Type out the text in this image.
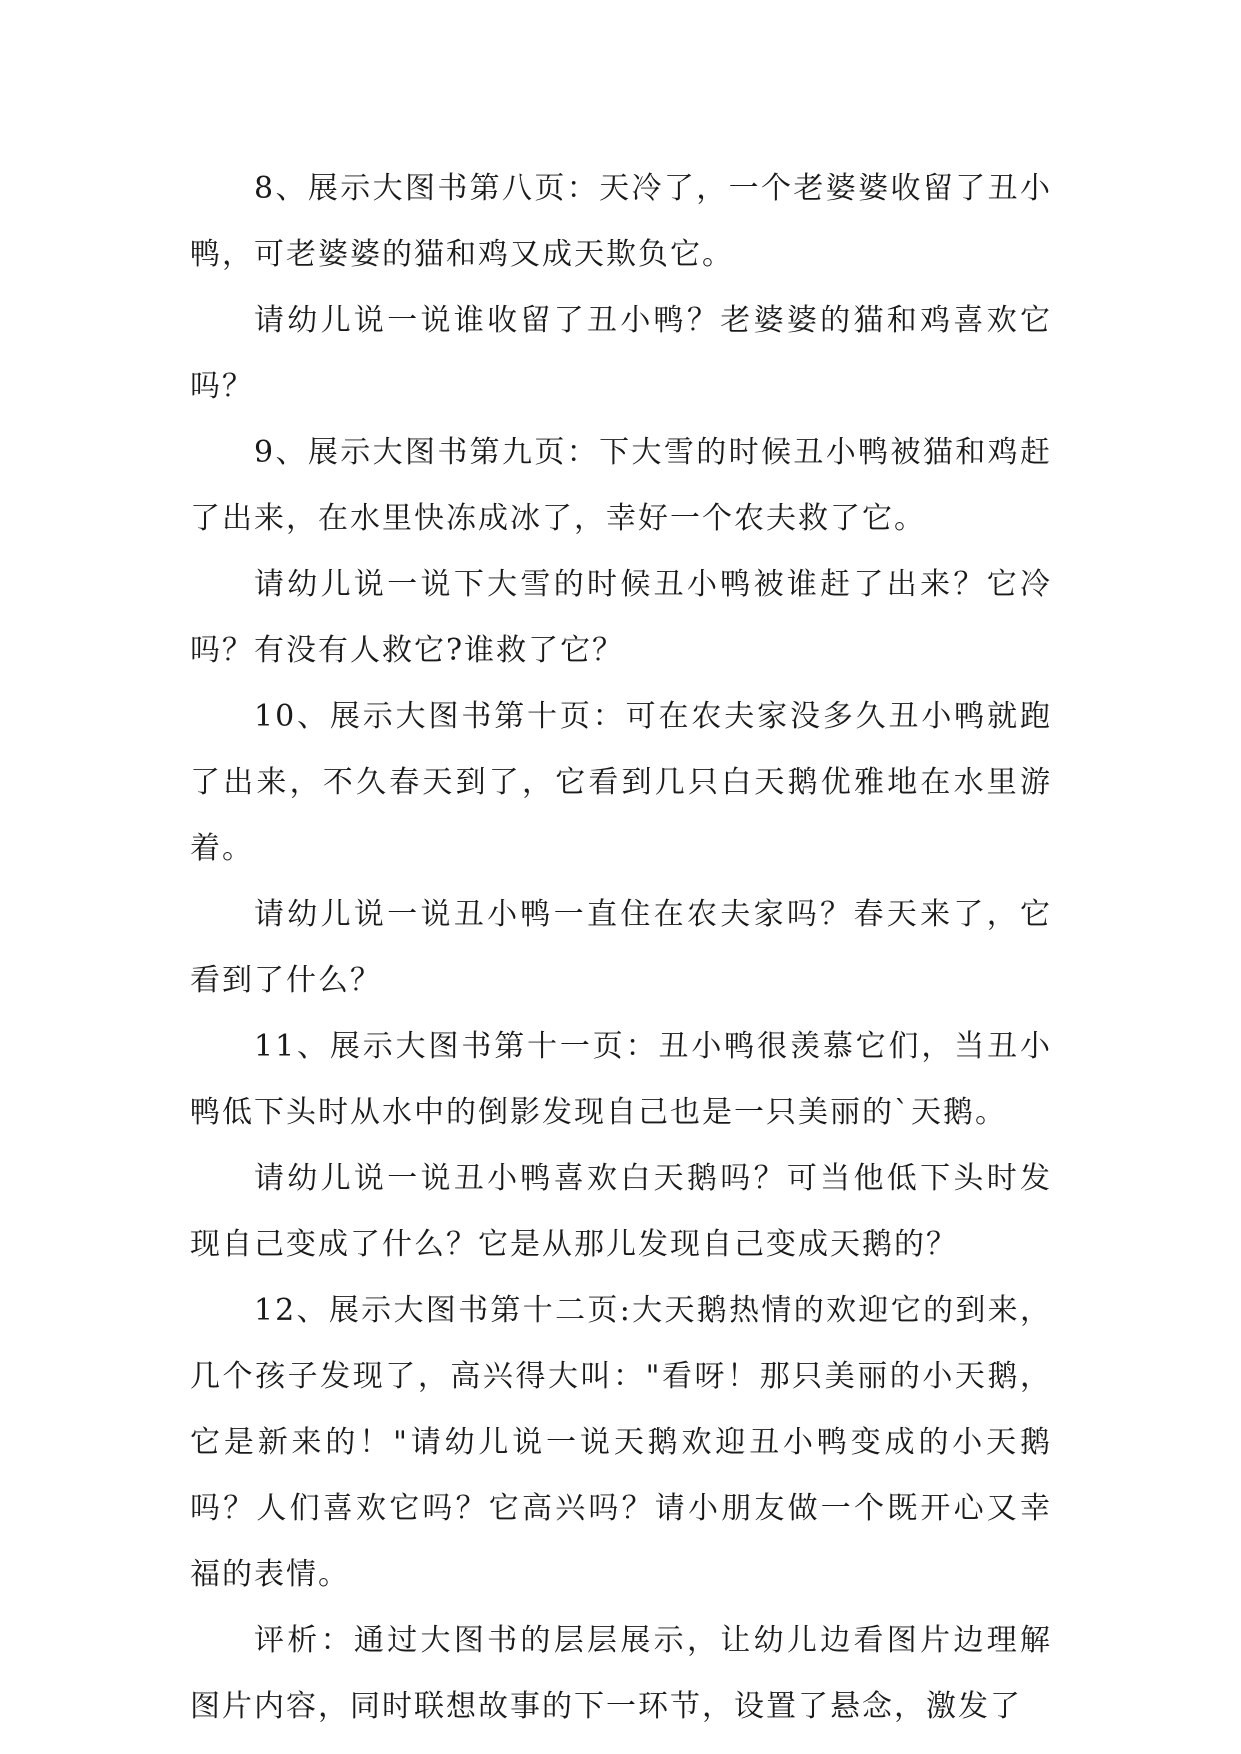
8、展示大图书第八页：天冷了，一个老婆婆收留了丑小鸭，可老婆婆的猫和鸡又成天欺负它。

请幼儿说一说谁收留了丑小鸭？老婆婆的猫和鸡喜欢它吗？

9、展示大图书第九页：下大雪的时候丑小鸭被猫和鸡赶了出来，在水里快冻成冰了，幸好一个农夫救了它。

请幼儿说一说下大雪的时候丑小鸭被谁赶了出来？它冷吗？有没有人救它?谁救了它？

10、展示大图书第十页：可在农夫家没多久丑小鸭就跑了出来，不久春天到了，它看到几只白天鹅优雅地在水里游着。

请幼儿说一说丑小鸭一直住在农夫家吗？春天来了，它看到了什么？

11、展示大图书第十一页：丑小鸭很羡慕它们，当丑小鸭低下头时从水中的倒影发现自己也是一只美丽的`天鹅。

请幼儿说一说丑小鸭喜欢白天鹅吗？可当他低下头时发现自己变成了什么？它是从那儿发现自己变成天鹅的？

12、展示大图书第十二页:大天鹅热情的欢迎它的到来，几个孩子发现了，高兴得大叫："看呀！那只美丽的小天鹅，它是新来的！"请幼儿说一说天鹅欢迎丑小鸭变成的小天鹅吗？人们喜欢它吗？它高兴吗？请小朋友做一个既开心又幸福的表情。

评析：通过大图书的层层展示，让幼儿边看图片边理解图片内容，同时联想故事的下一环节，设置了悬念，激发了
